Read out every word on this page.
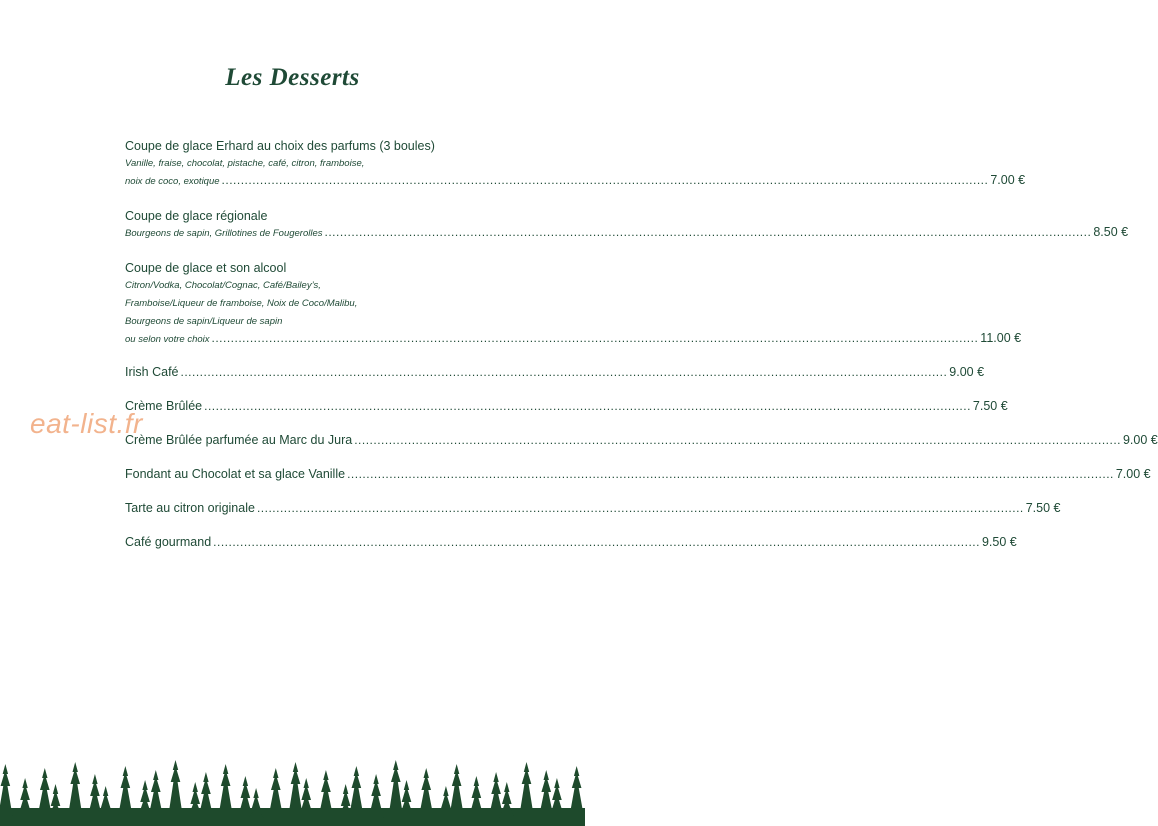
Les Desserts
Coupe de glace Erhard au choix des parfums (3 boules)
Vanille, fraise, chocolat, pistache, café, citron, framboise,
noix de coco, exotique ........................................................................................................................................................................................................ 7.00 €
Coupe de glace régionale
Bourgeons de sapin, Grillotines de Fougerolles ........................................................................................................................................................................................................ 8.50 €
Coupe de glace et son alcool
Citron/Vodka, Chocolat/Cognac, Café/Bailey’s,
Framboise/Liqueur de framboise, Noix de Coco/Malibu,
Bourgeons de sapin/Liqueur de sapin
ou selon votre choix ........................................................................................................................................................................................................ 11.00 €
Irish Café ........................................................................................................................................................................................................ 9.00 €
Crème Brûlée ........................................................................................................................................................................................................ 7.50 €
Crème Brûlée parfumée au Marc du Jura ........................................................................................................................................................................................................ 9.00 €
Fondant au Chocolat et sa glace Vanille ........................................................................................................................................................................................................ 7.00 €
Tarte au citron originale ........................................................................................................................................................................................................ 7.50 €
Café gourmand ........................................................................................................................................................................................................ 9.50 €
eat-list.fr
